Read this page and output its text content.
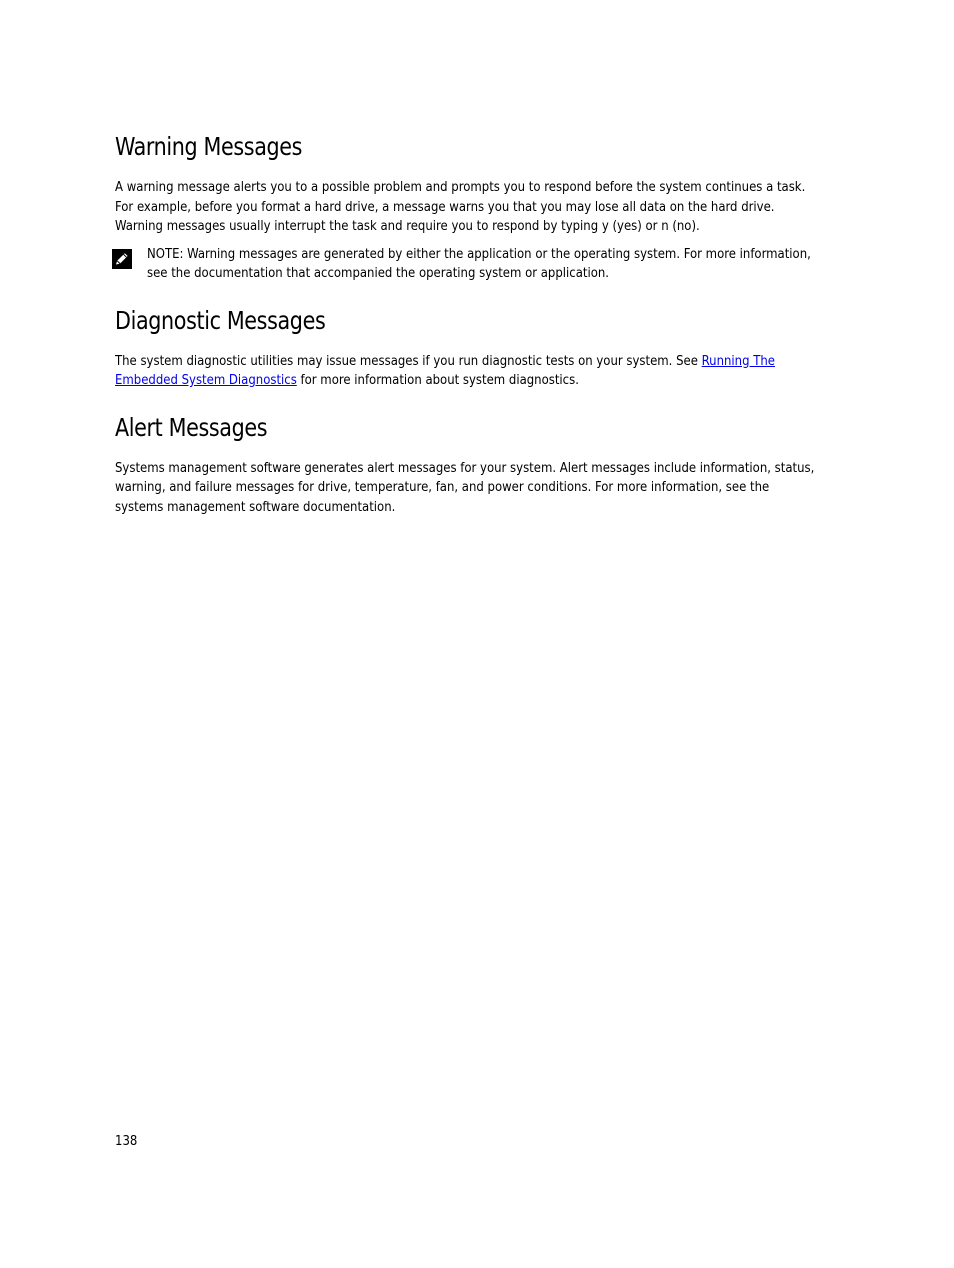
Warning Messages

A warning message alerts you to a possible problem and prompts you to respond before the system continues a task. For example, before you format a hard drive, a message warns you that you may lose all data on the hard drive. Warning messages usually interrupt the task and require you to respond by typing y (yes) or n (no).

NOTE: Warning messages are generated by either the application or the operating system. For more information, see the documentation that accompanied the operating system or application.

Diagnostic Messages

The system diagnostic utilities may issue messages if you run diagnostic tests on your system. See Running The Embedded System Diagnostics for more information about system diagnostics.

Alert Messages

Systems management software generates alert messages for your system. Alert messages include information, status, warning, and failure messages for drive, temperature, fan, and power conditions. For more information, see the systems management software documentation.

138
